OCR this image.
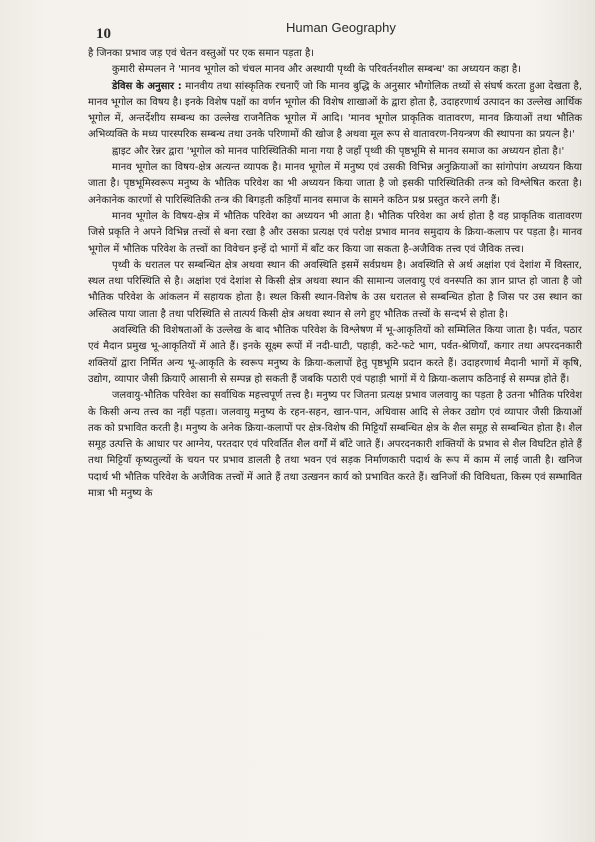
10	Human Geography

है जिनका प्रभाव जड़ एवं चेतन वस्तुओं पर एक समान पड़ता है।

कुमारी सेम्पलन ने 'मानव भूगोल को चंचल मानव और अस्थायी पृथ्वी के परिवर्तनशील सम्बन्ध' का अध्ययन कहा है।

डेविस के अनुसार : मानवीय तथा सांस्कृतिक रचनाएँ जो कि मानव बुद्धि के अनुसार भौगोलिक तथ्यों से संघर्ष करता हुआ देखता है, मानव भूगोल का विषय है। इनके विशेष पक्षों का वर्णन भूगोल की विशेष शाखाओं के द्वारा होता है, उदाहरणार्थ उत्पादन का उल्लेख आर्थिक भूगोल में, अन्तर्देशीय सम्बन्ध का उल्लेख राजनैतिक भूगोल में आदि। 'मानव भूगोल प्राकृतिक वातावरण, मानव क्रियाओं तथा भौतिक अभिव्यक्ति के मध्य पारस्परिक सम्बन्ध तथा उनके परिणामों की खोज है अथवा मूल रूप से वातावरण-नियन्त्रण की स्थापना का प्रयत्न है।'

ह्वाइट और रेन्नर द्वारा 'भूगोल को मानव पारिस्थितिकी माना गया है जहाँ पृथ्वी की पृष्ठभूमि से मानव समाज का अध्ययन होता है।'

मानव भूगोल का विषय-क्षेत्र अत्यन्त व्यापक है। मानव भूगोल में मनुष्य एवं उसकी विभिन्न अनुक्रियाओं का सांगोपांग अध्ययन किया जाता है। पृष्ठभूमिस्वरूप मनुष्य के भौतिक परिवेश का भी अध्ययन किया जाता है जो इसकी पारिस्थितिकी तन्त्र को विश्लेषित करता है। अनेकानेक कारणों से पारिस्थितिकी तन्त्र की बिगड़ती कड़ियाँ मानव समाज के सामने कठिन प्रश्न प्रस्तुत करने लगी हैं।

मानव भूगोल के विषय-क्षेत्र में भौतिक परिवेश का अध्ययन भी आता है। भौतिक परिवेश का अर्थ होता है वह प्राकृतिक वातावरण जिसे प्रकृति ने अपने विभिन्न तत्त्वों से बना रखा है और उसका प्रत्यक्ष एवं परोक्ष प्रभाव मानव समुदाय के क्रिया-कलाप पर पड़ता है। मानव भूगोल में भौतिक परिवेश के तत्त्वों का विवेचन इन्हें दो भागों में बाँट कर किया जा सकता है-अजैविक तत्त्व एवं जैविक तत्त्व।

पृथ्वी के धरातल पर सम्बन्धित क्षेत्र अथवा स्थान की अवस्थिति इसमें सर्वप्रथम है। अवस्थिति से अर्थ अक्षांश एवं देशांश में विस्तार, स्थल तथा परिस्थिति से है। अक्षांश एवं देशांश से किसी क्षेत्र अथवा स्थान की सामान्य जलवायु एवं वनस्पति का ज्ञान प्राप्त हो जाता है जो भौतिक परिवेश के आंकलन में सहायक होता है। स्थल किसी स्थान-विशेष के उस धरातल से सम्बन्धित होता है जिस पर उस स्थान का अस्तित्व पाया जाता है तथा परिस्थिति से तात्पर्य किसी क्षेत्र अथवा स्थान से लगे हुए भौतिक तत्त्वों के सन्दर्भ से होता है।

अवस्थिति की विशेषताओं के उल्लेख के बाद भौतिक परिवेश के विश्लेषण में भू-आकृतियों को सम्मिलित किया जाता है। पर्वत, पठार एवं मैदान प्रमुख भू-आकृतियों में आते हैं। इनके सूक्ष्म रूपों में नदी-घाटी, पहाड़ी, कटे-फटे भाग, पर्वत-श्रेणियाँ, कगार तथा अपरदनकारी शक्तियों द्वारा निर्मित अन्य भू-आकृति के स्वरूप मनुष्य के क्रिया-कलापों हेतु पृष्ठभूमि प्रदान करते हैं। उदाहरणार्थ मैदानी भागों में कृषि, उद्योग, व्यापार जैसी क्रियाएँ आसानी से सम्पन्न हो सकती हैं जबकि पठारी एवं पहाड़ी भागों में ये क्रिया-कलाप कठिनाई से सम्पन्न होते हैं।

जलवायु-भौतिक परिवेश का सर्वाधिक महत्त्वपूर्ण तत्त्व है। मनुष्य पर जितना प्रत्यक्ष प्रभाव जलवायु का पड़ता है उतना भौतिक परिवेश के किसी अन्य तत्त्व का नहीं पड़ता। जलवायु मनुष्य के रहन-सहन, खान-पान, अधिवास आदि से लेकर उद्योग एवं व्यापार जैसी क्रियाओं तक को प्रभावित करती है। मनुष्य के अनेक क्रिया-कलापों पर क्षेत्र-विशेष की मिट्टियाँ सम्बन्धित क्षेत्र के शैल समूह से सम्बन्धित होता है। शैल समूह उत्पत्ति के आधार पर आग्नेय, परतदार एवं परिवर्तित शैल वर्गों में बाँटे जाते हैं। अपरदनकारी शक्तियों के प्रभाव से शैल विघटित होते हैं तथा मिट्टियाँ कृष्यतुल्यों के चयन पर प्रभाव डालती है तथा भवन एवं सड़क निर्माणकारी पदार्थ के रूप में काम में लाई जाती है। खनिज पदार्थ भी भौतिक परिवेश के अजैविक तत्त्वों में आते हैं तथा उत्खनन कार्य को प्रभावित करते हैं। खनिजों की विविधता, किस्म एवं सम्भावित मात्रा भी मनुष्य के
